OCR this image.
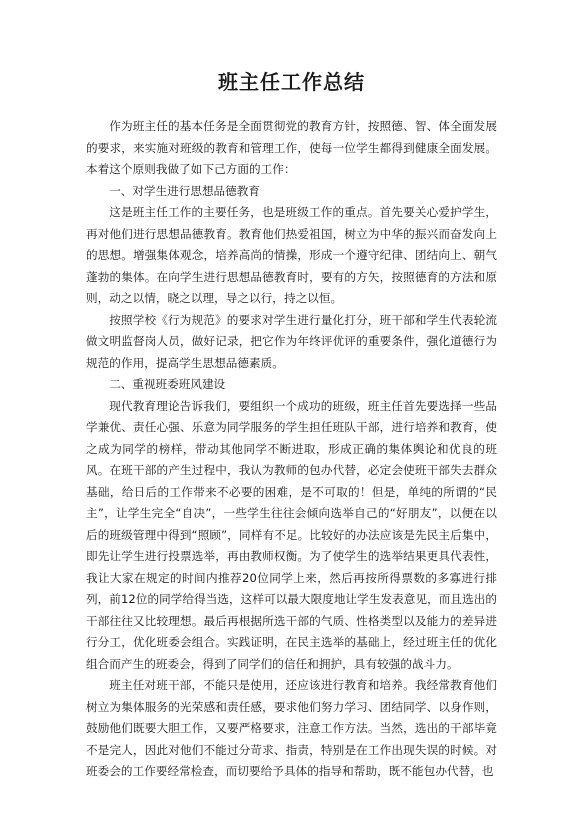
班主任工作总结

作为班主任的基本任务是全面贯彻党的教育方针，按照德、智、体全面发展的要求，来实施对班级的教育和管理工作，使每一位学生都得到健康全面发展。本着这个原则我做了如下己方面的工作：

一、对学生进行思想品德教育

这是班主任工作的主要任务，也是班级工作的重点。首先要关心爱护学生，再对他们进行思想品德教育。教育他们热爱祖国，树立为中华的振兴而奋发向上的思想。增强集体观念，培养高尚的情操，形成一个遵守纪律、团结向上、朝气蓬勃的集体。在向学生进行思想品德教育时，要有的方矢，按照德育的方法和原则，动之以情，晓之以理，导之以行，持之以恒。

按照学校《行为规范》的要求对学生进行量化打分，班干部和学生代表轮流做文明监督岗人员，做好记录，把它作为年终评优评的重要条件，强化道德行为规范的作用，提高学生思想品德素质。

二、重视班委班风建设

现代教育理论告诉我们，要组织一个成功的班级，班主任首先要选择一些品学兼优、责任心强、乐意为同学服务的学生担任班队干部，进行培养和教育，使之成为同学的榜样，带动其他同学不断进取，形成正确的集体舆论和优良的班风。在班干部的产生过程中，我认为教师的包办代替，必定会使班干部失去群众基础，给日后的工作带来不必要的困难，是不可取的！但是，单纯的所谓的“民主”，让学生完全“自决”，一些学生往往会倾向选举自己的“好朋友”，以便在以后的班级管理中得到“照顾”，同样有不足。比较好的办法应该是先民主后集中，即先让学生进行投票选举，再由教师权衡。为了使学生的选举结果更具代表性，我让大家在规定的时间内推荐20位同学上来，然后再按所得票数的多寡进行排列，前12位的同学给得当选，这样可以最大限度地让学生发表意见，而且选出的干部往往又比较理想。最后再根据所选干部的气质、性格类型以及能力的差异进行分工，优化班委会组合。实践证明，在民主选举的基础上，经过班主任的优化组合而产生的班委会，得到了同学们的信任和拥护，具有较强的战斗力。

班主任对班干部，不能只是使用，还应该进行教育和培养。我经常教育他们树立为集体服务的光荣感和责任感，要求他们努力学习、团结同学、以身作则，鼓励他们既要大胆工作，又要严格要求，注意工作方法。当然，选出的干部毕竟不是完人，因此对他们不能过分苛求、指责，特别是在工作出现失误的时候。对班委会的工作要经常检查，而切要给予具体的指导和帮助，既不能包办代替，也
